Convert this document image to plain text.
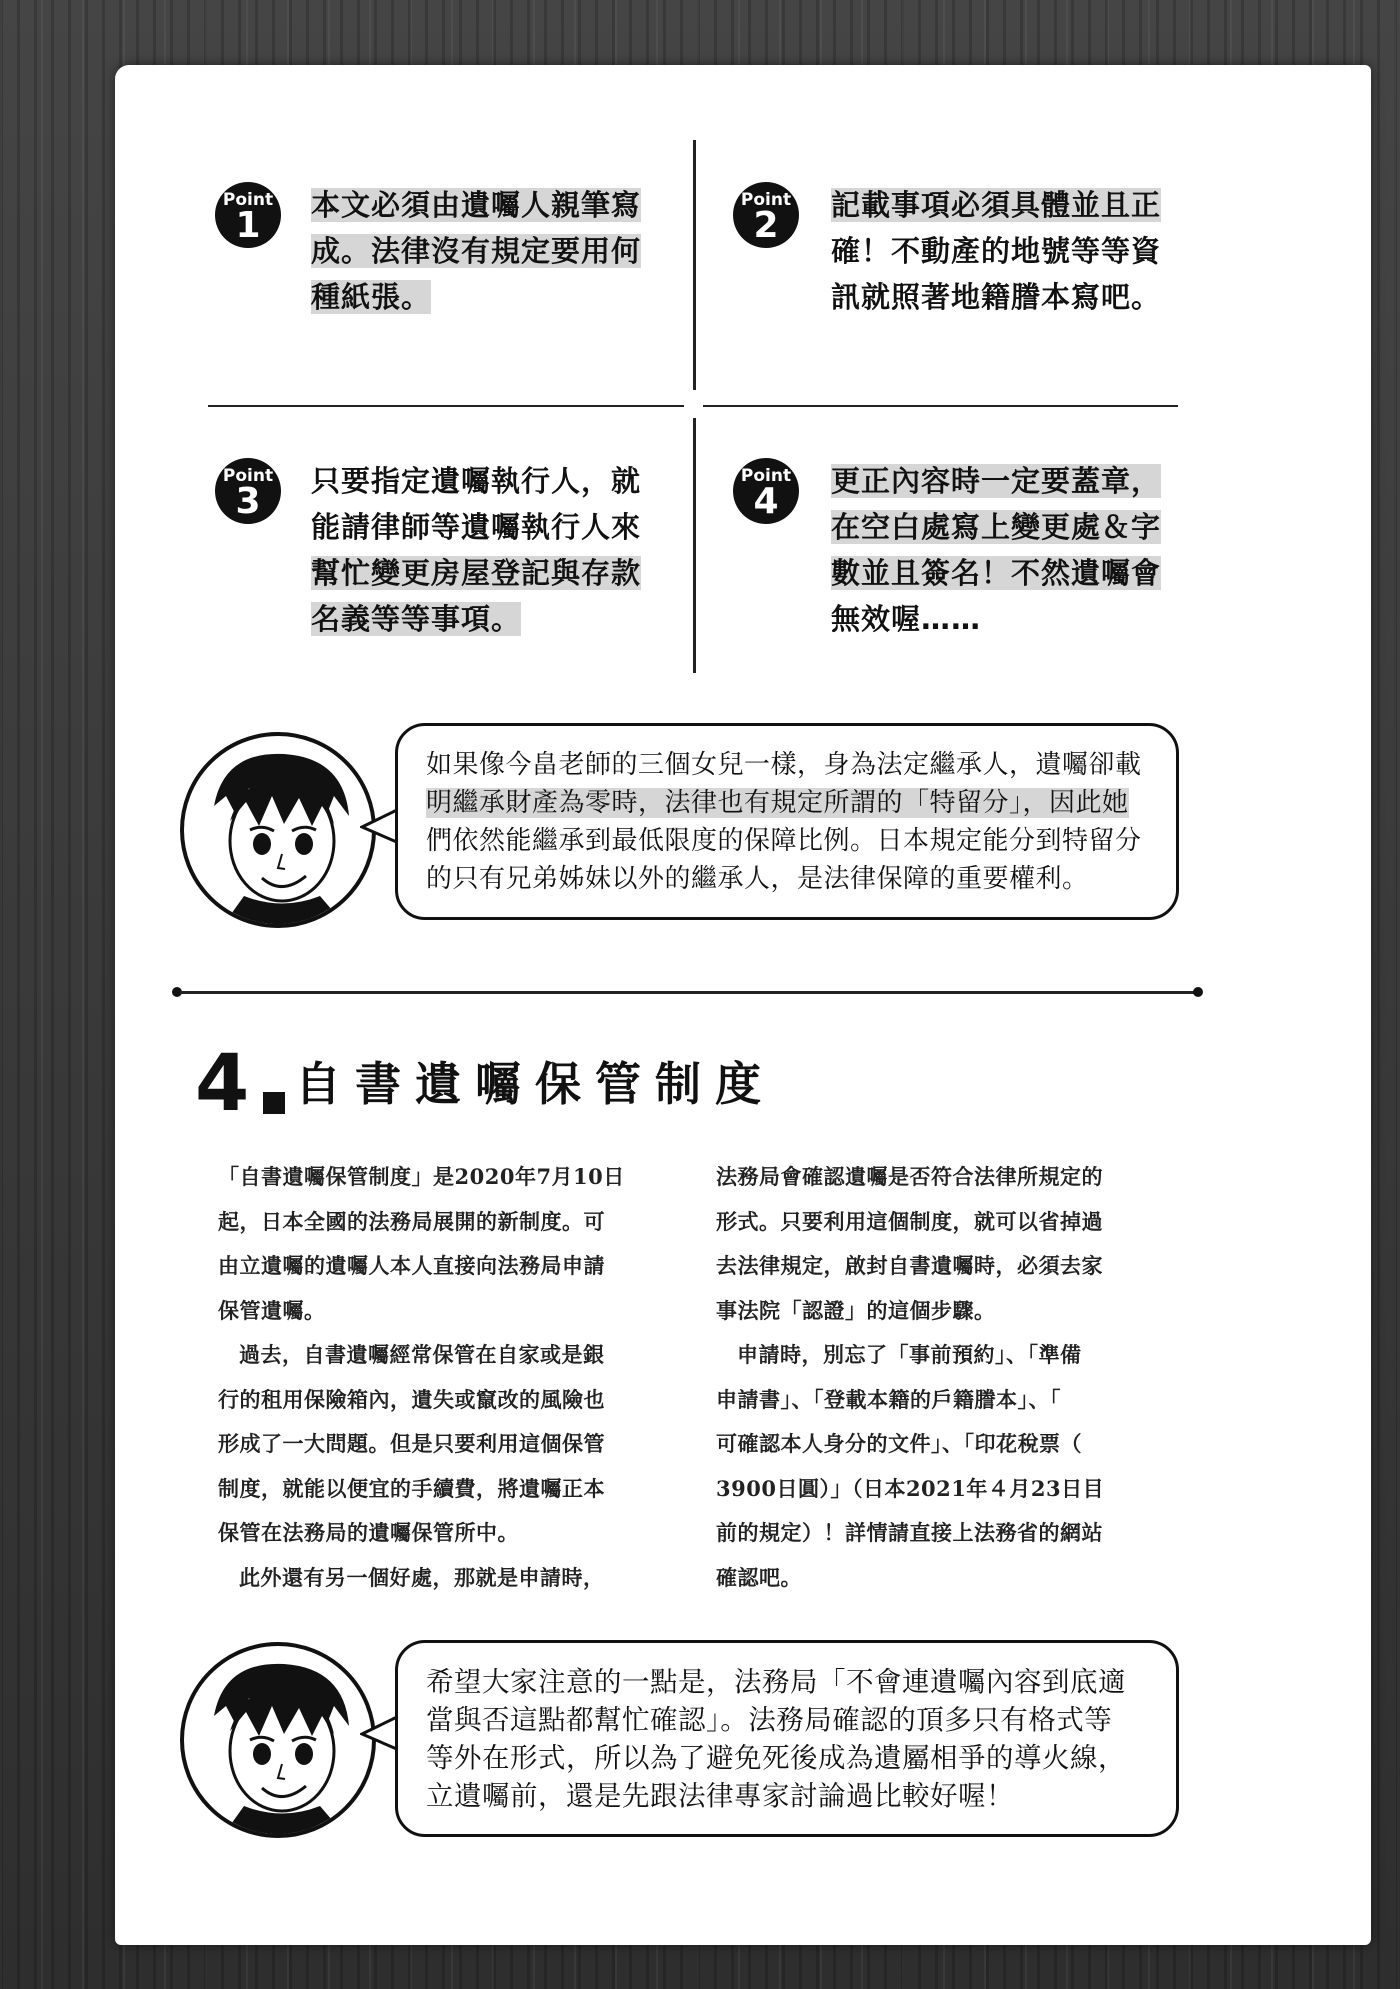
Point
1	本文必須由遺囑人親筆寫
成。法律沒有規定要用何
種紙張。
Point
2	記載事項必須具體並且正
確！不動產的地號等等資
訊就照著地籍謄本寫吧。
Point
3	只要指定遺囑執行人，就
能請律師等遺囑執行人來
幫忙變更房屋登記與存款
名義等等事項。
Point
4	更正內容時一定要蓋章，
在空白處寫上變更處＆字
數並且簽名！不然遺囑會
無效喔……
如果像今畠老師的三個女兒一樣，身為法定繼承人，遺囑卻載
明繼承財產為零時，法律也有規定所謂的「特留分」，因此她
們依然能繼承到最低限度的保障比例。日本規定能分到特留分
的只有兄弟姊妹以外的繼承人，是法律保障的重要權利。
4 自書遺囑保管制度

「自書遺囑保管制度」是2020年7月10日

起，日本全國的法務局展開的新制度。可

由立遺囑的遺囑人本人直接向法務局申請

保管遺囑。

過去，自書遺囑經常保管在自家或是銀

行的租用保險箱內，遺失或竄改的風險也

形成了一大問題。但是只要利用這個保管

制度，就能以便宜的手續費，將遺囑正本

保管在法務局的遺囑保管所中。

此外還有另一個好處，那就是申請時，

法務局會確認遺囑是否符合法律所規定的

形式。只要利用這個制度，就可以省掉過

去法律規定，啟封自書遺囑時，必須去家

事法院「認證」的這個步驟。

申請時，別忘了「事前預約」、「準備

申請書」、「登載本籍的戶籍謄本」、「

可確認本人身分的文件」、「印花稅票（

3900日圓）」（日本2021年４月23日目

前的規定）！詳情請直接上法務省的網站

確認吧。

希望大家注意的一點是，法務局「不會連遺囑內容到底適
當與否這點都幫忙確認」。法務局確認的頂多只有格式等
等外在形式，所以為了避免死後成為遺屬相爭的導火線，
立遺囑前，還是先跟法律專家討論過比較好喔！
